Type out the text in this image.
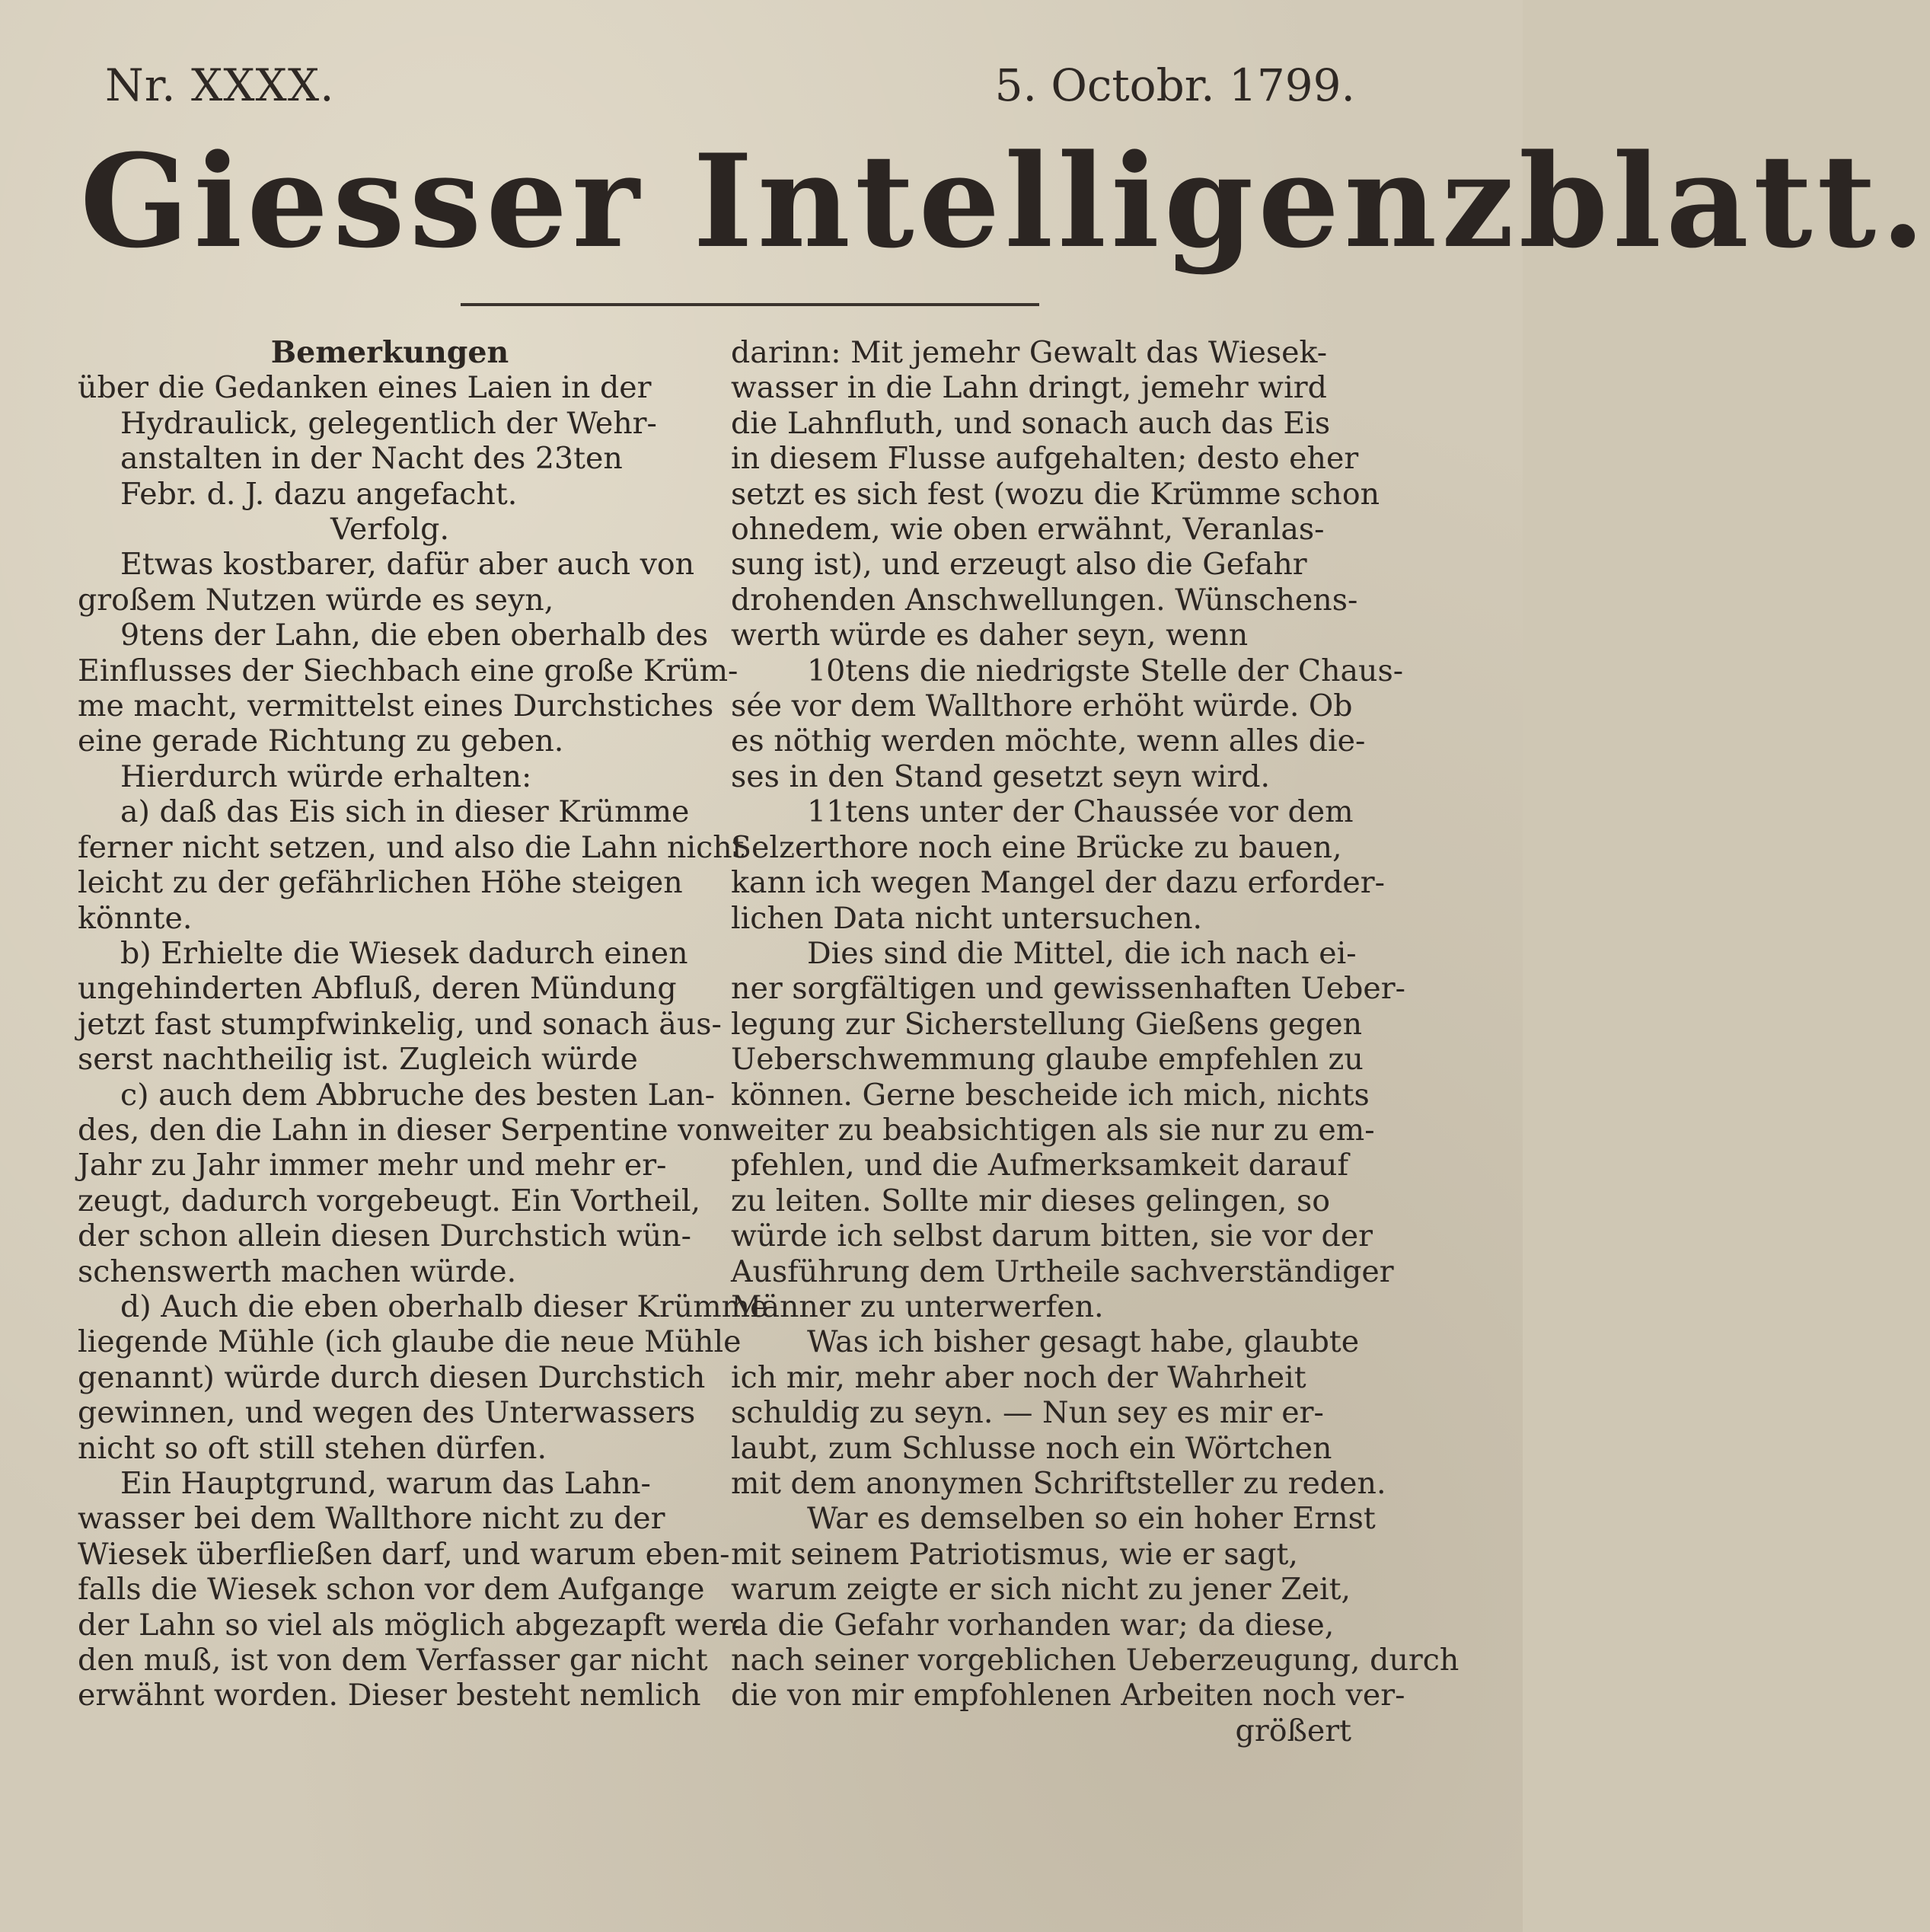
Nr. XXXX.	5. Octobr. 1799.
Giesser Intelligenzblatt.
Bemerkungen
über die Gedanken eines Laien in der
Hydraulick, gelegentlich der Wehr-
anstalten in der Nacht des 23ten
Febr. d. J. dazu angefacht.
Verfolg.
Etwas kostbarer, dafür aber auch von
großem Nutzen würde es seyn,
9tens der Lahn, die eben oberhalb des
Einflusses der Siechbach eine große Krüm-
me macht, vermittelst eines Durchstiches
eine gerade Richtung zu geben.
Hierdurch würde erhalten:
a) daß das Eis sich in dieser Krümme
ferner nicht setzen, und also die Lahn nicht
leicht zu der gefährlichen Höhe steigen
könnte.
b) Erhielte die Wiesek dadurch einen
ungehinderten Abfluß, deren Mündung
jetzt fast stumpfwinkelig, und sonach äus-
serst nachtheilig ist. Zugleich würde
c) auch dem Abbruche des besten Lan-
des, den die Lahn in dieser Serpentine von
Jahr zu Jahr immer mehr und mehr er-
zeugt, dadurch vorgebeugt. Ein Vortheil,
der schon allein diesen Durchstich wün-
schenswerth machen würde.
d) Auch die eben oberhalb dieser Krümme
liegende Mühle (ich glaube die neue Mühle
genannt) würde durch diesen Durchstich
gewinnen, und wegen des Unterwassers
nicht so oft still stehen dürfen.
Ein Hauptgrund, warum das Lahn-
wasser bei dem Wallthore nicht zu der
Wiesek überfließen darf, und warum eben-
falls die Wiesek schon vor dem Aufgange
der Lahn so viel als möglich abgezapft wer-
den muß, ist von dem Verfasser gar nicht
erwähnt worden. Dieser besteht nemlich
darinn: Mit jemehr Gewalt das Wiesek-
wasser in die Lahn dringt, jemehr wird
die Lahnfluth, und sonach auch das Eis
in diesem Flusse aufgehalten; desto eher
setzt es sich fest (wozu die Krümme schon
ohnedem, wie oben erwähnt, Veranlas-
sung ist), und erzeugt also die Gefahr
drohenden Anschwellungen. Wünschens-
werth würde es daher seyn, wenn
10tens die niedrigste Stelle der Chaus-
sée vor dem Wallthore erhöht würde. Ob
es nöthig werden möchte, wenn alles die-
ses in den Stand gesetzt seyn wird.
11tens unter der Chaussée vor dem
Selzerthore noch eine Brücke zu bauen,
kann ich wegen Mangel der dazu erforder-
lichen Data nicht untersuchen.
Dies sind die Mittel, die ich nach ei-
ner sorgfältigen und gewissenhaften Ueber-
legung zur Sicherstellung Gießens gegen
Ueberschwemmung glaube empfehlen zu
können. Gerne bescheide ich mich, nichts
weiter zu beabsichtigen als sie nur zu em-
pfehlen, und die Aufmerksamkeit darauf
zu leiten. Sollte mir dieses gelingen, so
würde ich selbst darum bitten, sie vor der
Ausführung dem Urtheile sachverständiger
Männer zu unterwerfen.
Was ich bisher gesagt habe, glaubte
ich mir, mehr aber noch der Wahrheit
schuldig zu seyn. — Nun sey es mir er-
laubt, zum Schlusse noch ein Wörtchen
mit dem anonymen Schriftsteller zu reden.
War es demselben so ein hoher Ernst
mit seinem Patriotismus, wie er sagt,
warum zeigte er sich nicht zu jener Zeit,
da die Gefahr vorhanden war; da diese,
nach seiner vorgeblichen Ueberzeugung, durch
die von mir empfohlenen Arbeiten noch ver-
größert
